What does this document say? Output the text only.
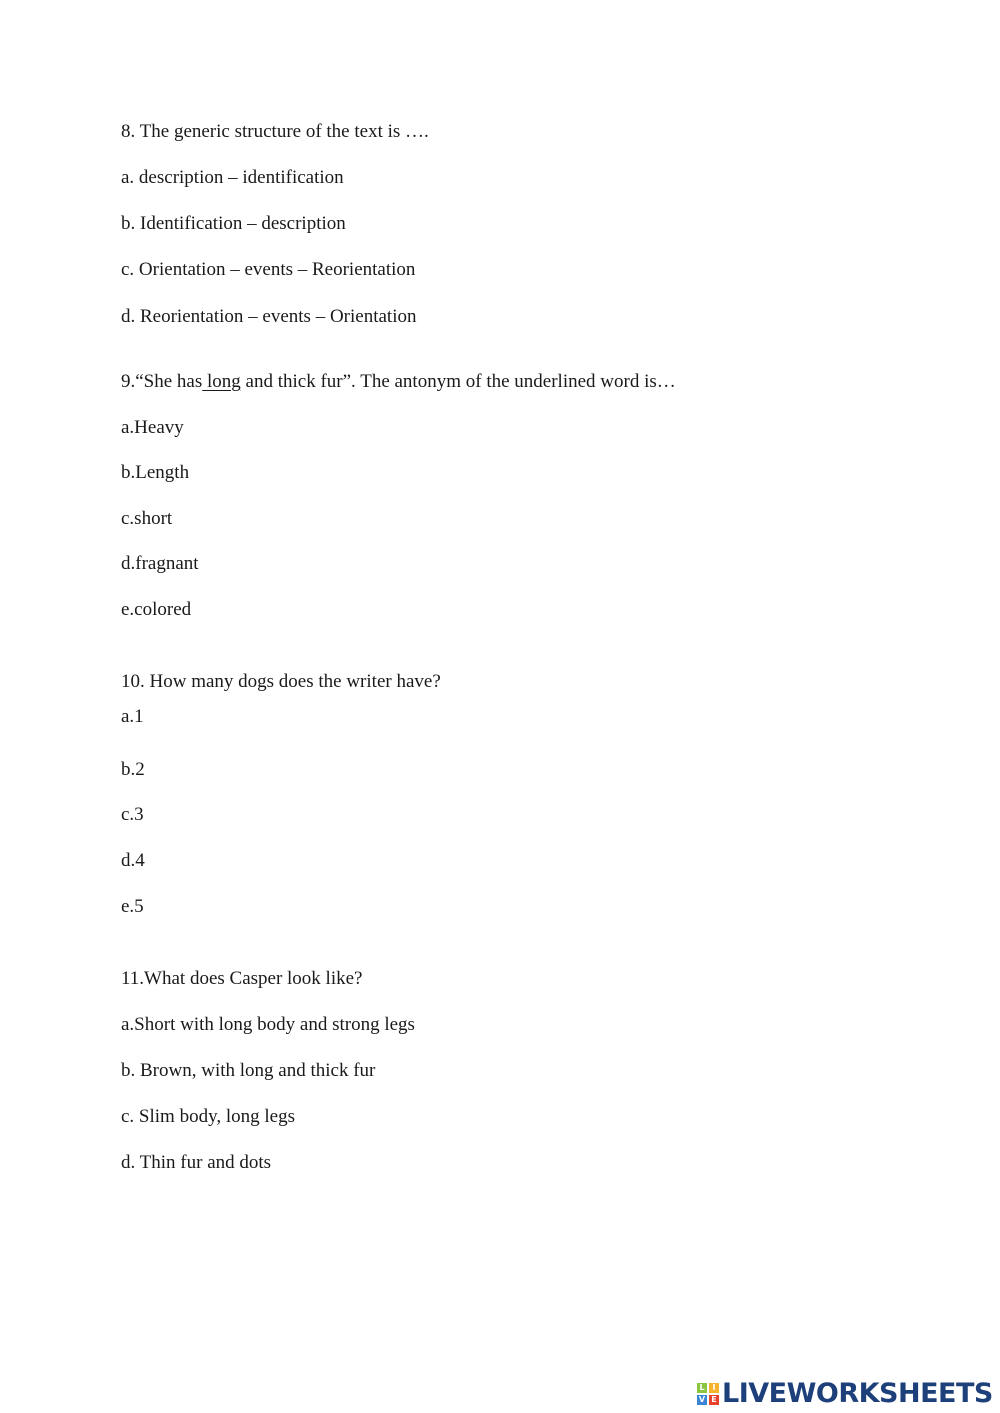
8. The generic structure of the text is ….
a. description – identification
b. Identification – description
c. Orientation – events – Reorientation
d. Reorientation – events – Orientation
9.“She has long and thick fur”. The antonym of the underlined word is…
a.Heavy
b.Length
c.short
d.fragnant
e.colored
10. How many dogs does the writer have?
a.1
b.2
c.3
d.4
e.5
11.What does Casper look like?
a.Short with long body and strong legs
b. Brown, with long and thick fur
c. Slim body, long legs
d. Thin fur and dots
L I
V E LIVEWORKSHEETS
